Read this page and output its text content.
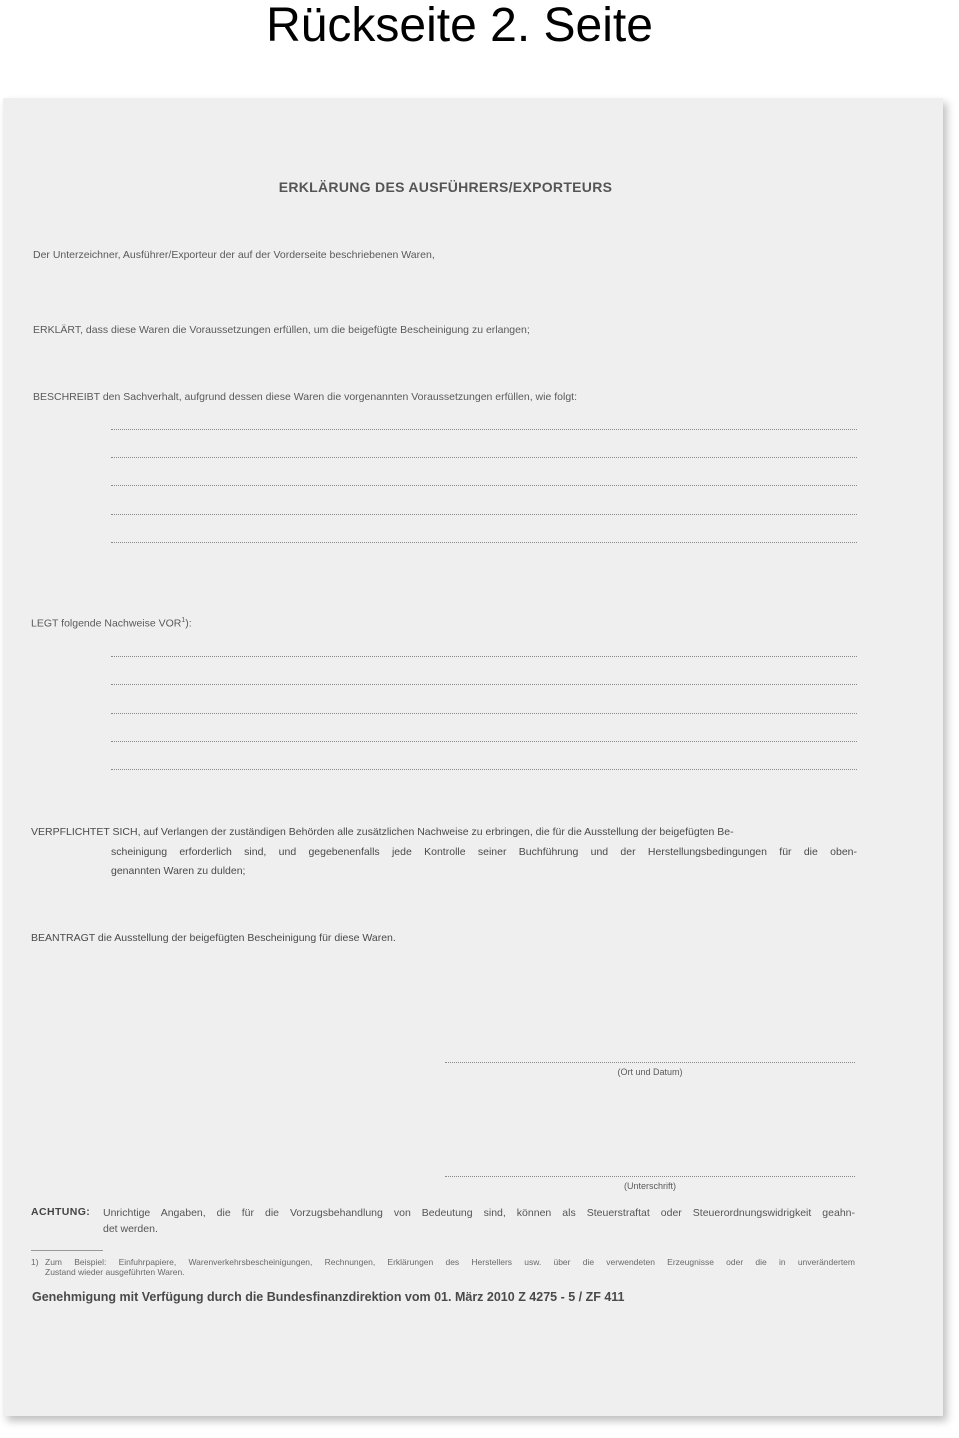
Rückseite 2. Seite
ERKLÄRUNG DES AUSFÜHRERS/EXPORTEURS
Der Unterzeichner, Ausführer/Exporteur der auf der Vorderseite beschriebenen Waren,
ERKLÄRT, dass diese Waren die Voraussetzungen erfüllen, um die beigefügte Bescheinigung zu erlangen;
BESCHREIBT den Sachverhalt, aufgrund dessen diese Waren die vorgenannten Voraussetzungen erfüllen, wie folgt:
LEGT folgende Nachweise VOR$^1$):
VERPFLICHTET SICH, auf Verlangen der zuständigen Behörden alle zusätzlichen Nachweise zu erbringen, die für die Ausstellung der beigefügten Be-
scheinigung erforderlich sind, und gegebenenfalls jede Kontrolle seiner Buchführung und der Herstellungsbedingungen für die oben-
genannten Waren zu dulden;
BEANTRAGT die Ausstellung der beigefügten Bescheinigung für diese Waren.
(Ort und Datum)
(Unterschrift)
ACHTUNG: Unrichtige Angaben, die für die Vorzugsbehandlung von Bedeutung sind, können als Steuerstraftat oder Steuerordnungswidrigkeit geahn-
det werden.
1) Zum Beispiel: Einfuhrpapiere, Warenverkehrsbescheinigungen, Rechnungen, Erklärungen des Herstellers usw. über die verwendeten Erzeugnisse oder die in unverändertem
Zustand wieder ausgeführten Waren.
Genehmigung mit Verfügung durch die Bundesfinanzdirektion vom 01. März 2010 Z 4275 - 5 / ZF 411
